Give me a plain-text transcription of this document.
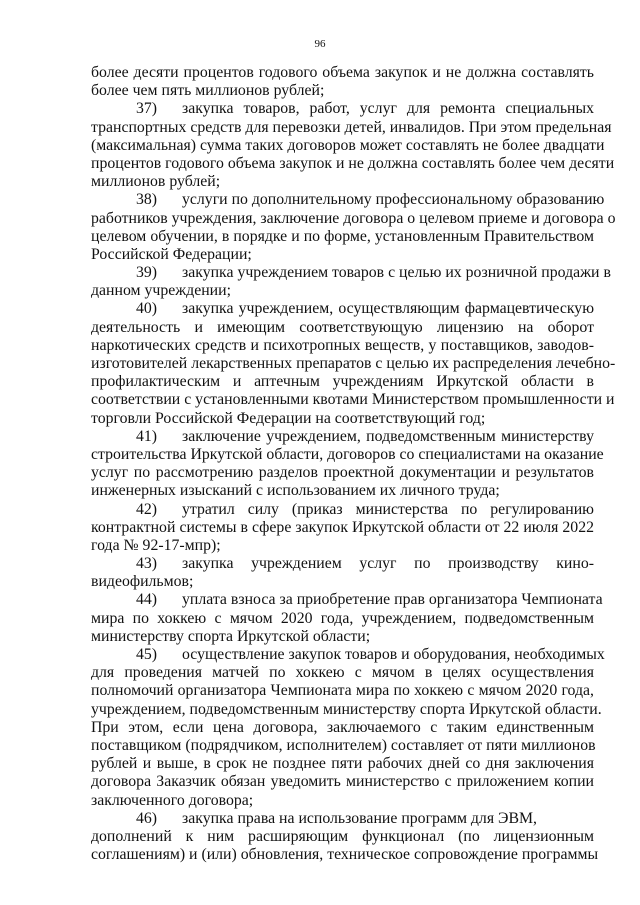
96
более десяти процентов годового объема закупок и не должна составлять
более чем пять миллионов рублей;
37)	закупка товаров, работ, услуг для ремонта специальных
транспортных средств для перевозки детей, инвалидов. При этом предельная
(максимальная) сумма таких договоров может составлять не более двадцати
процентов годового объема закупок и не должна составлять более чем десяти
миллионов рублей;
38)	услуги по дополнительному профессиональному образованию
работников учреждения, заключение договора о целевом приеме и договора о
целевом обучении, в порядке и по форме, установленным Правительством
Российской Федерации;
39)	закупка учреждением товаров с целью их розничной продажи в
данном учреждении;
40)	закупка учреждением, осуществляющим фармацевтическую
деятельность и имеющим соответствующую лицензию на оборот
наркотических средств и психотропных веществ, у поставщиков, заводов-
изготовителей лекарственных препаратов с целью их распределения лечебно-
профилактическим и аптечным учреждениям Иркутской области в
соответствии с установленными квотами Министерством промышленности и
торговли Российской Федерации на соответствующий год;
41)	заключение учреждением, подведомственным министерству
строительства Иркутской области, договоров со специалистами на оказание
услуг по рассмотрению разделов проектной документации и результатов
инженерных изысканий с использованием их личного труда;
42)	утратил силу (приказ министерства по регулированию
контрактной системы в сфере закупок Иркутской области от 22 июля 2022
года № 92-17-мпр);
43)	закупка учреждением услуг по производству кино-
видеофильмов;
44)	уплата взноса за приобретение прав организатора Чемпионата
мира по хоккею с мячом 2020 года, учреждением, подведомственным
министерству спорта Иркутской области;
45)	осуществление закупок товаров и оборудования, необходимых
для проведения матчей по хоккею с мячом в целях осуществления
полномочий организатора Чемпионата мира по хоккею с мячом 2020 года,
учреждением, подведомственным министерству спорта Иркутской области.
При этом, если цена договора, заключаемого с таким единственным
поставщиком (подрядчиком, исполнителем) составляет от пяти миллионов
рублей и выше, в срок не позднее пяти рабочих дней со дня заключения
договора Заказчик обязан уведомить министерство с приложением копии
заключенного договора;
46)	закупка права на использование программ для ЭВМ,
дополнений к ним расширяющим функционал (по лицензионным
соглашениям) и (или) обновления, техническое сопровождение программы
